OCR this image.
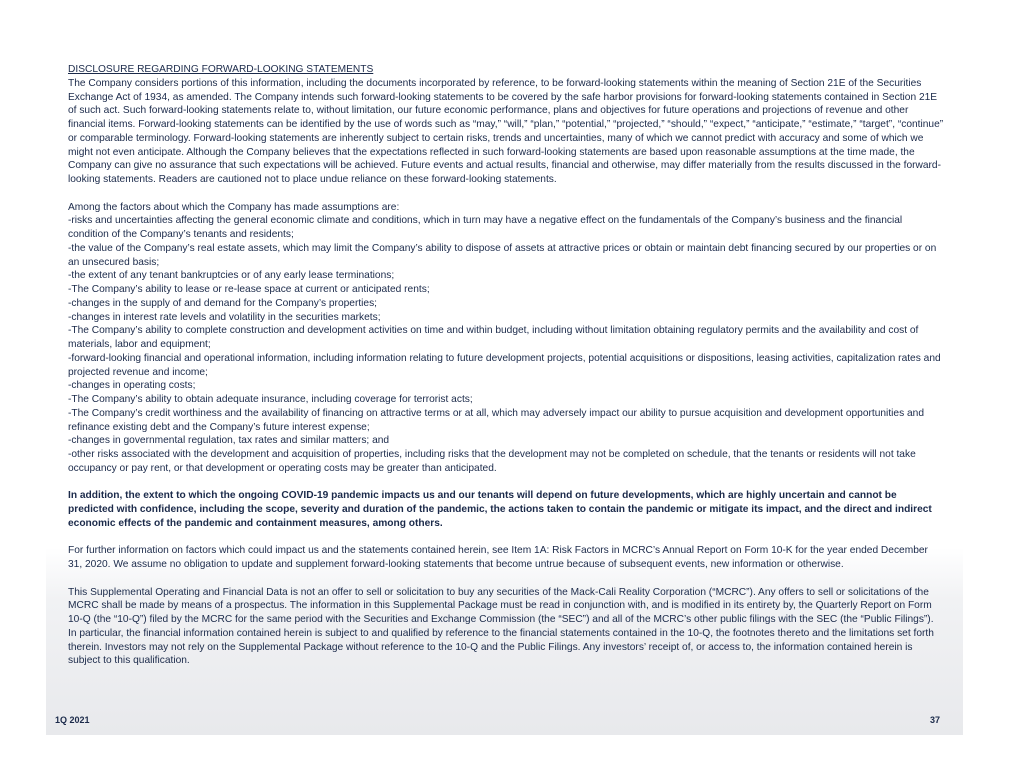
DISCLOSURE REGARDING FORWARD-LOOKING STATEMENTS

The Company considers portions of this information, including the documents incorporated by reference, to be forward-looking statements within the meaning of Section 21E of the Securities Exchange Act of 1934, as amended. The Company intends such forward-looking statements to be covered by the safe harbor provisions for forward-looking statements contained in Section 21E of such act. Such forward-looking statements relate to, without limitation, our future economic performance, plans and objectives for future operations and projections of revenue and other financial items. Forward-looking statements can be identified by the use of words such as “may,” “will,” “plan,” “potential,” “projected,” “should,” “expect,” “anticipate,” “estimate,” “target”, “continue” or comparable terminology. Forward-looking statements are inherently subject to certain risks, trends and uncertainties, many of which we cannot predict with accuracy and some of which we might not even anticipate. Although the Company believes that the expectations reflected in such forward-looking statements are based upon reasonable assumptions at the time made, the Company can give no assurance that such expectations will be achieved. Future events and actual results, financial and otherwise, may differ materially from the results discussed in the forward-looking statements. Readers are cautioned not to place undue reliance on these forward-looking statements.

Among the factors about which the Company has made assumptions are:

-risks and uncertainties affecting the general economic climate and conditions, which in turn may have a negative effect on the fundamentals of the Company’s business and the financial condition of the Company’s tenants and residents;

-the value of the Company’s real estate assets, which may limit the Company’s ability to dispose of assets at attractive prices or obtain or maintain debt financing secured by our properties or on an unsecured basis;

-the extent of any tenant bankruptcies or of any early lease terminations;

-The Company’s ability to lease or re-lease space at current or anticipated rents;

-changes in the supply of and demand for the Company’s properties;

-changes in interest rate levels and volatility in the securities markets;

-The Company’s ability to complete construction and development activities on time and within budget, including without limitation obtaining regulatory permits and the availability and cost of materials, labor and equipment;

-forward-looking financial and operational information, including information relating to future development projects, potential acquisitions or dispositions, leasing activities, capitalization rates and projected revenue and income;

-changes in operating costs;

-The Company’s ability to obtain adequate insurance, including coverage for terrorist acts;

-The Company’s credit worthiness and the availability of financing on attractive terms or at all, which may adversely impact our ability to pursue acquisition and development opportunities and refinance existing debt and the Company’s future interest expense;

-changes in governmental regulation, tax rates and similar matters; and

-other risks associated with the development and acquisition of properties, including risks that the development may not be completed on schedule, that the tenants or residents will not take occupancy or pay rent, or that development or operating costs may be greater than anticipated.

In addition, the extent to which the ongoing COVID-19 pandemic impacts us and our tenants will depend on future developments, which are highly uncertain and cannot be predicted with confidence, including the scope, severity and duration of the pandemic, the actions taken to contain the pandemic or mitigate its impact, and the direct and indirect economic effects of the pandemic and containment measures, among others.

For further information on factors which could impact us and the statements contained herein, see Item 1A: Risk Factors in MCRC’s Annual Report on Form 10-K for the year ended December 31, 2020. We assume no obligation to update and supplement forward-looking statements that become untrue because of subsequent events, new information or otherwise.

This Supplemental Operating and Financial Data is not an offer to sell or solicitation to buy any securities of the Mack-Cali Reality Corporation (“MCRC”). Any offers to sell or solicitations of the MCRC shall be made by means of a prospectus. The information in this Supplemental Package must be read in conjunction with, and is modified in its entirety by, the Quarterly Report on Form 10-Q (the “10-Q”) filed by the MCRC for the same period with the Securities and Exchange Commission (the “SEC”) and all of the MCRC’s other public filings with the SEC (the “Public Filings”). In particular, the financial information contained herein is subject to and qualified by reference to the financial statements contained in the 10-Q, the footnotes thereto and the limitations set forth therein. Investors may not rely on the Supplemental Package without reference to the 10-Q and the Public Filings. Any investors’ receipt of, or access to, the information contained herein is subject to this qualification.

1Q 2021	37
